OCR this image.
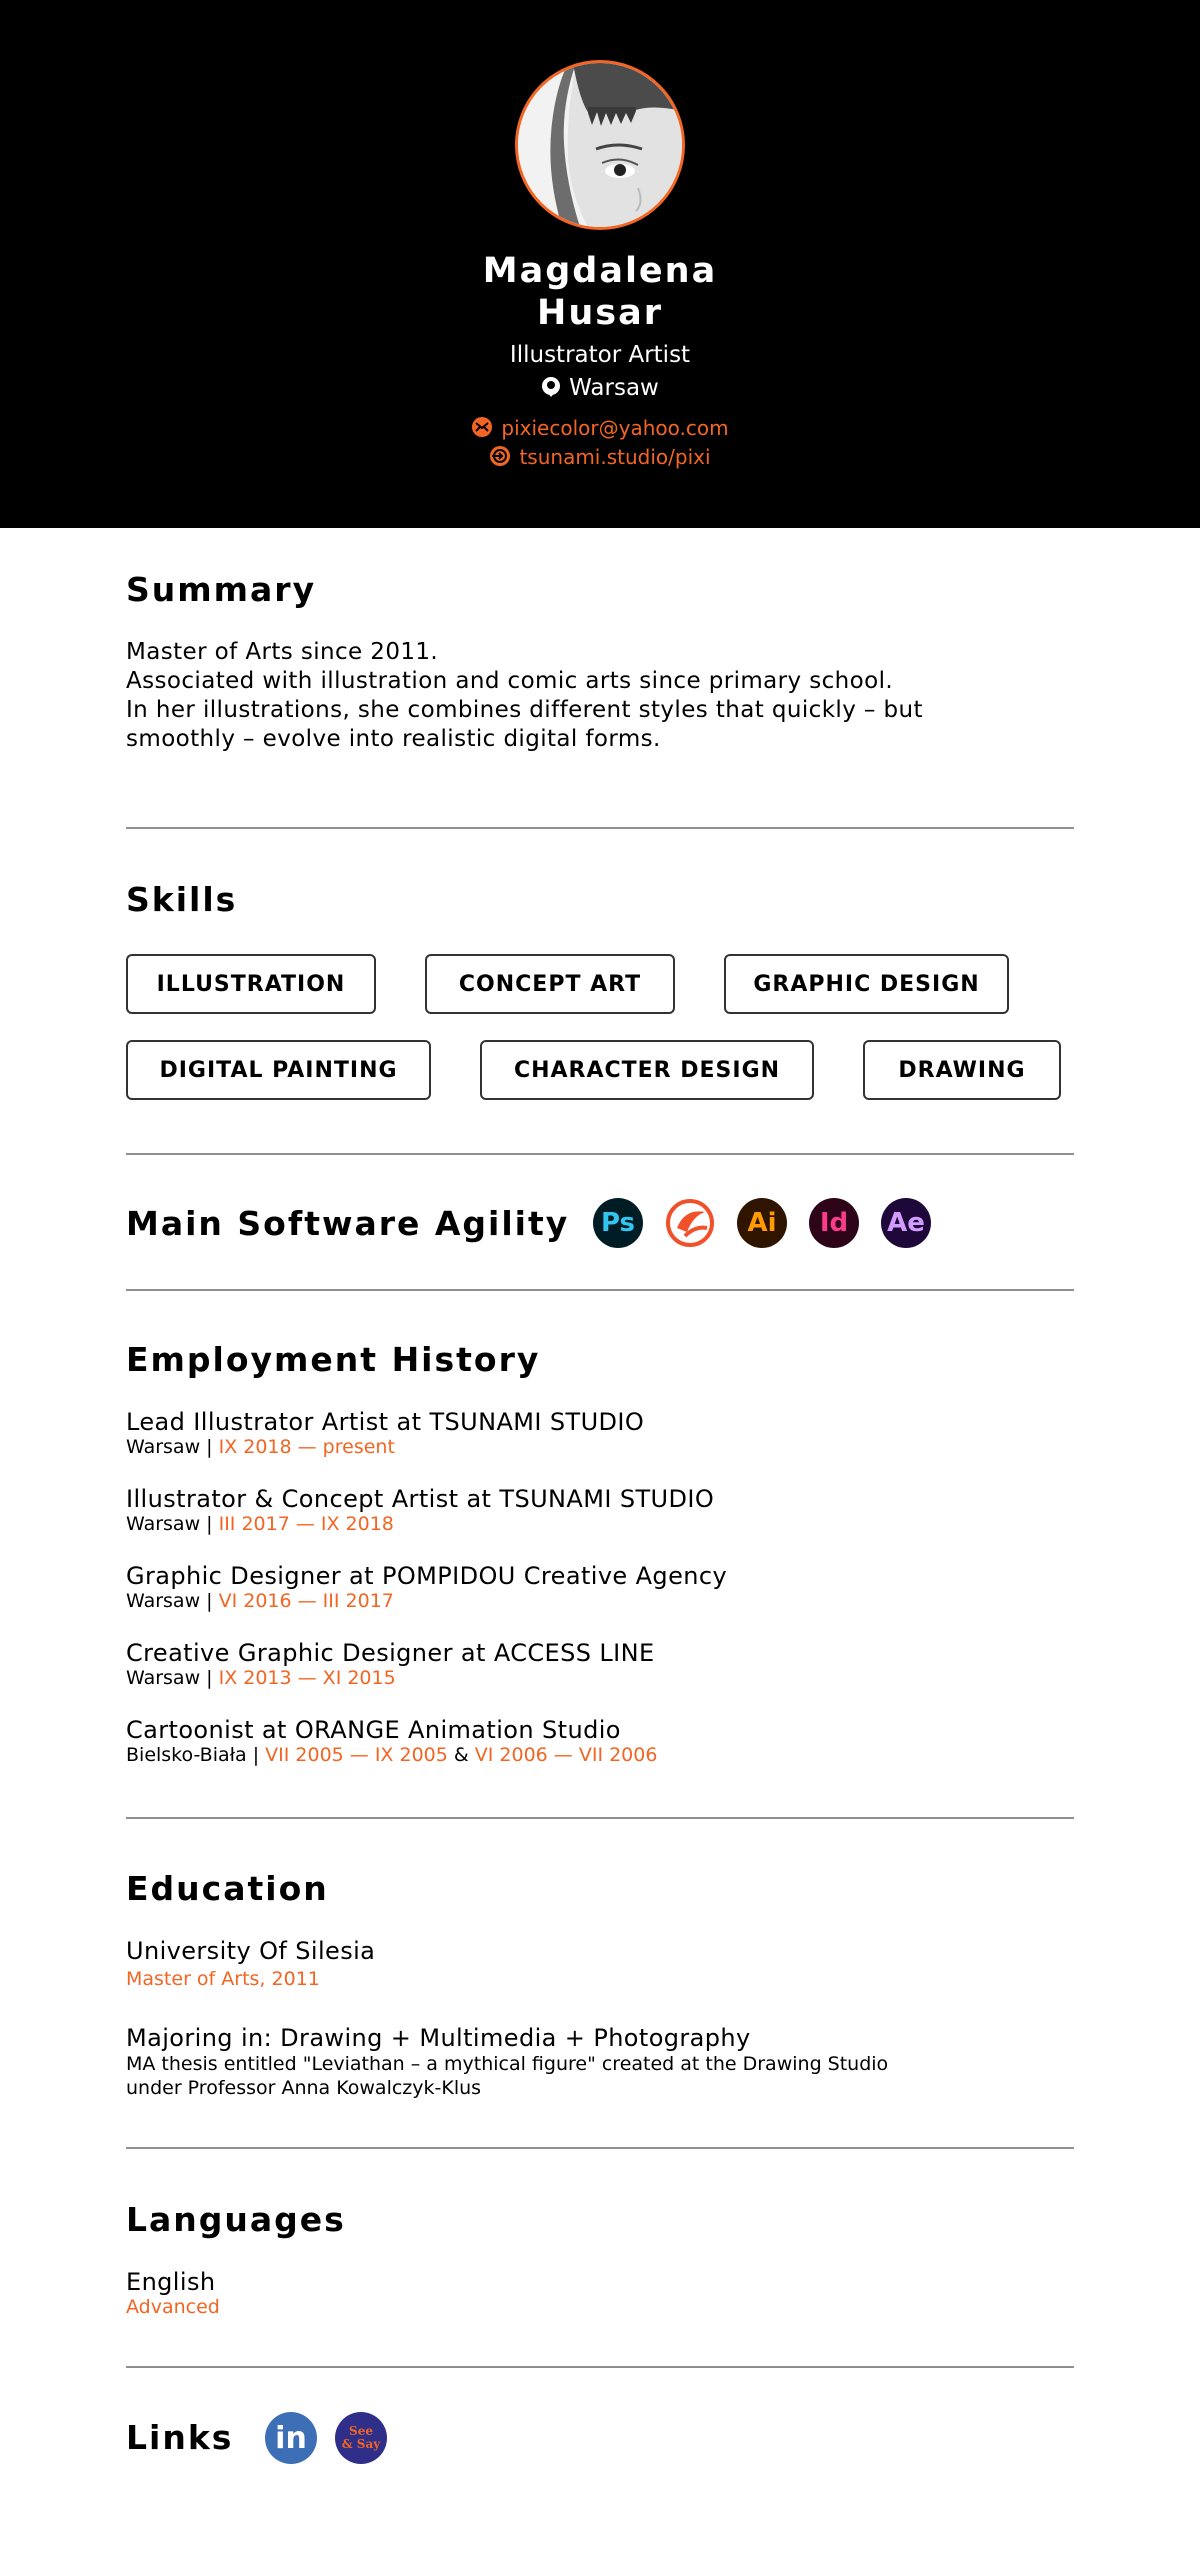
Magdalena
Husar
Illustrator Artist
Warsaw
pixiecolor@yahoo.com
tsunami.studio/pixi
Summary
Master of Arts since 2011.
Associated with illustration and comic arts since primary school.
In her illustrations, she combines different styles that quickly – but
smoothly – evolve into realistic digital forms.
Skills
ILLUSTRATION	CONCEPT ART	GRAPHIC DESIGN
DIGITAL PAINTING	CHARACTER DESIGN	DRAWING
Main Software Agility	Ps	Ai	Id	Ae
Employment History
Lead Illustrator Artist at TSUNAMI STUDIO
Warsaw | IX 2018 — present
Illustrator & Concept Artist at TSUNAMI STUDIO
Warsaw | III 2017 — IX 2018
Graphic Designer at POMPIDOU Creative Agency
Warsaw | VI 2016 — III 2017
Creative Graphic Designer at ACCESS LINE
Warsaw | IX 2013 — XI 2015
Cartoonist at ORANGE Animation Studio
Bielsko-Biała | VII 2005 — IX 2005 & VI 2006 — VII 2006
Education
University Of Silesia
Master of Arts, 2011
Majoring in: Drawing + Multimedia + Photography
MA thesis entitled "Leviathan – a mythical figure" created at the Drawing Studio
under Professor Anna Kowalczyk-Klus
Languages
English
Advanced
Links	in	See
& Say
